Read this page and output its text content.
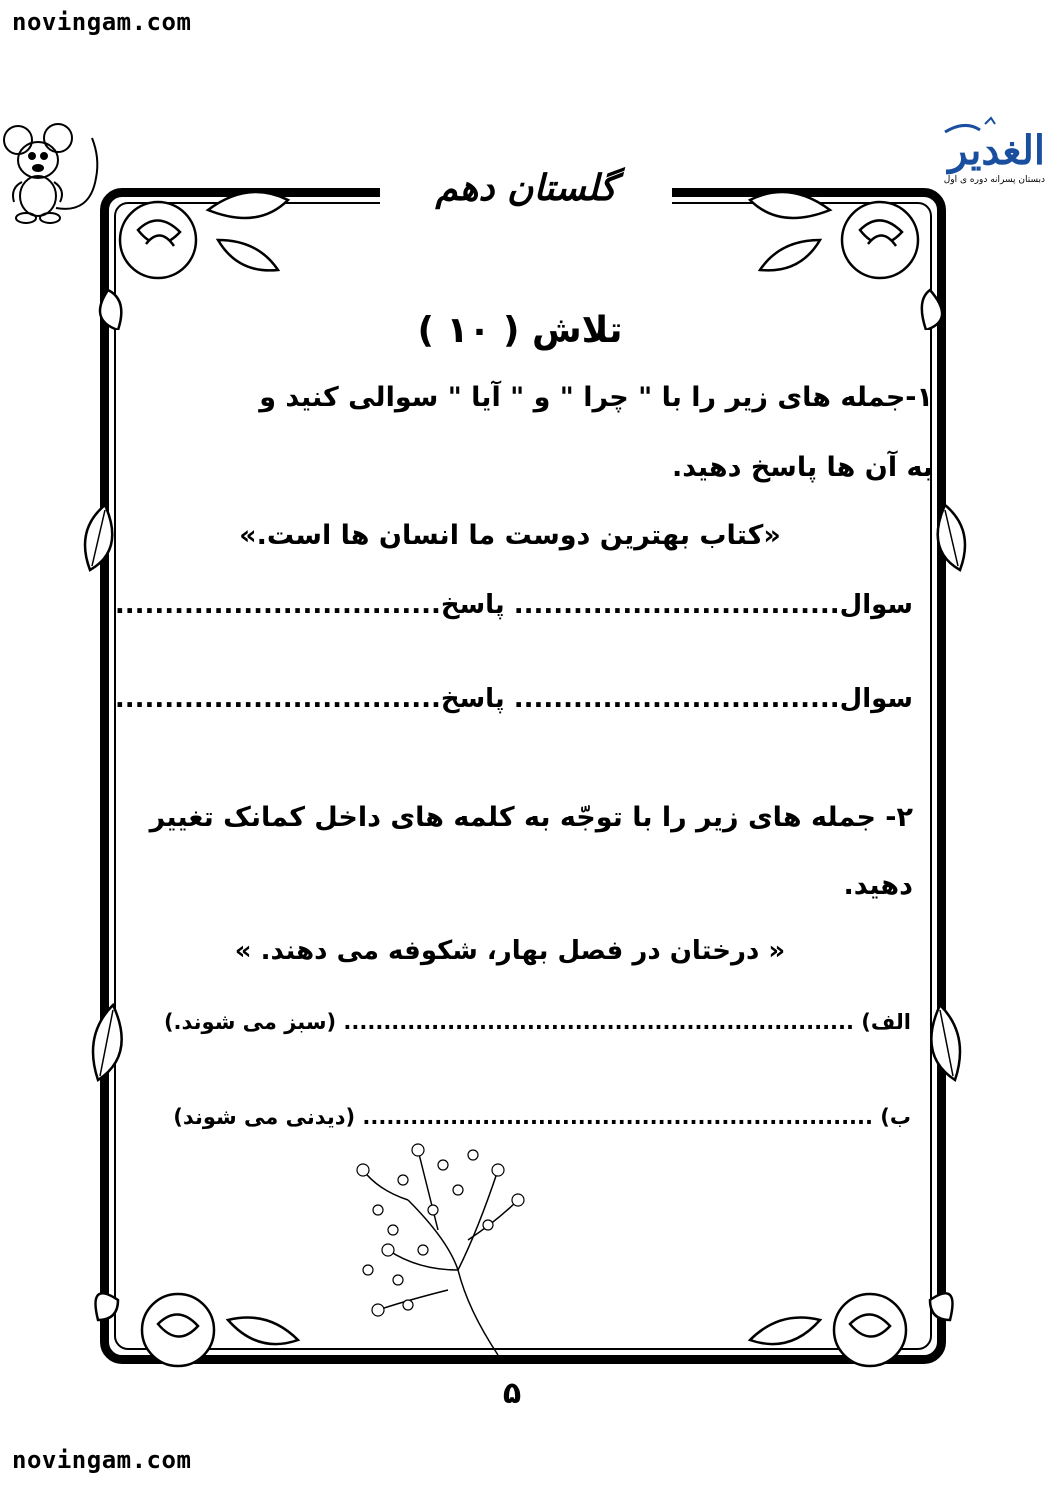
novingam.com
الغدیر
دبستان پسرانه دوره ی اول
گلستان دهم
تلاش ( ۱۰ )
۱-جمله های زیر را با " چرا " و " آیا " سوالی کنید و
به آن ها پاسخ دهید.
«کتاب بهترین دوست ما انسان ها است.»
سوال................................. پاسخ.................................
سوال................................. پاسخ.................................
۲- جمله های زیر را با توجّه به کلمه های داخل کمانک تغییر
دهید.
« درختان در فصل بهار، شکوفه می دهند. »
الف) ................................................................ (سبز می شوند.)
ب) ................................................................ (دیدنی می شوند)
۵
novingam.com
